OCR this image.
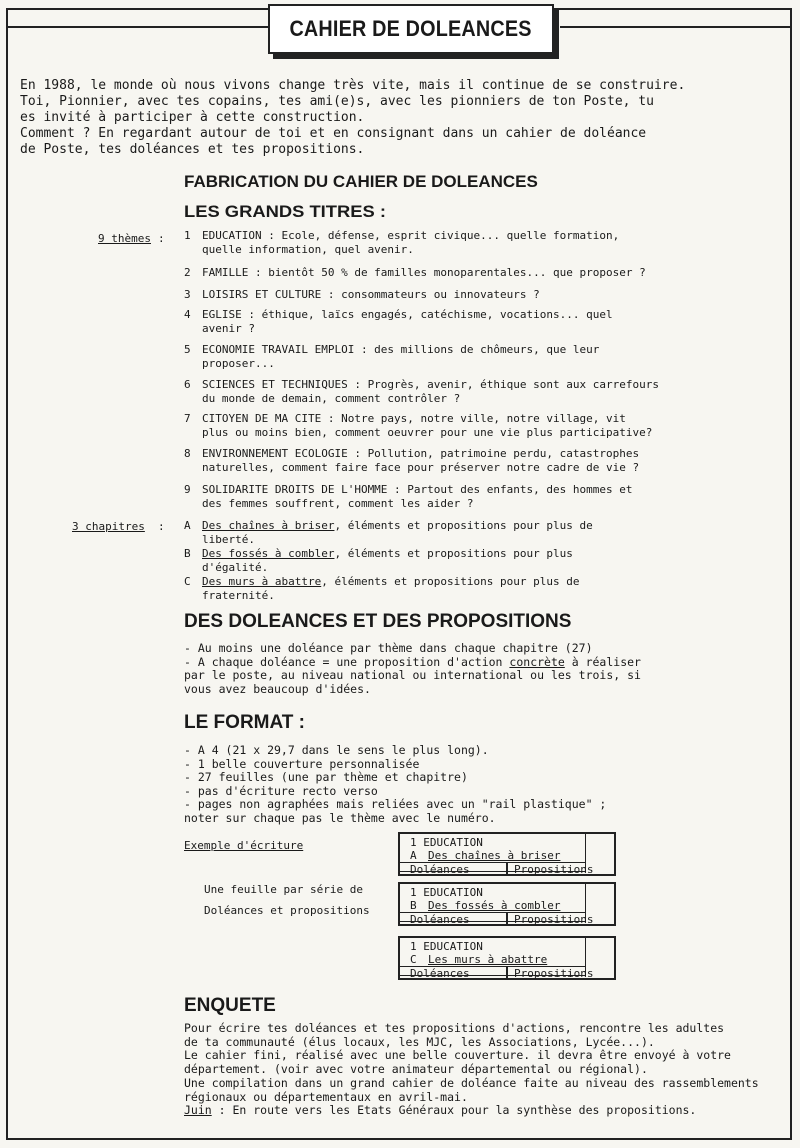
CAHIER DE DOLEANCES
En 1988, le monde où nous vivons change très vite, mais il continue de se construire.
Toi, Pionnier, avec tes copains, tes ami(e)s, avec les pionniers de ton Poste, tu
es invité à participer à cette construction.
Comment ? En regardant autour de toi et en consignant dans un cahier de doléance
de Poste, tes doléances et tes propositions.
FABRICATION DU CAHIER DE DOLEANCES
LES GRANDS TITRES :
9 thèmes : 1 EDUCATION : Ecole, défense, esprit civique... quelle formation,
quelle information, quel avenir.
2 FAMILLE : bientôt 50 % de familles monoparentales... que proposer ?
3 LOISIRS ET CULTURE : consommateurs ou innovateurs ?
4 EGLISE : éthique, laïcs engagés, catéchisme, vocations... quel
avenir ?
5 ECONOMIE TRAVAIL EMPLOI : des millions de chômeurs, que leur
proposer...
6 SCIENCES ET TECHNIQUES : Progrès, avenir, éthique sont aux carrefours
du monde de demain, comment contrôler ?
7 CITOYEN DE MA CITE : Notre pays, notre ville, notre village, vit
plus ou moins bien, comment oeuvrer pour une vie plus participative?
8 ENVIRONNEMENT ECOLOGIE : Pollution, patrimoine perdu, catastrophes
naturelles, comment faire face pour préserver notre cadre de vie ?
9 SOLIDARITE DROITS DE L'HOMME : Partout des enfants, des hommes et
des femmes souffrent, comment les aider ?
3 chapitres : A Des chaînes à briser, éléments et propositions pour plus de
liberté.
B Des fossés à combler, éléments et propositions pour plus
d'égalité.
C Des murs à abattre, éléments et propositions pour plus de
fraternité.
DES DOLEANCES ET DES PROPOSITIONS
- Au moins une doléance par thème dans chaque chapitre (27)
- A chaque doléance = une proposition d'action concrète à réaliser
par le poste, au niveau national ou international ou les trois, si
vous avez beaucoup d'idées.
LE FORMAT :
- A 4 (21 x 29,7 dans le sens le plus long).
- 1 belle couverture personnalisée
- 27 feuilles (une par thème et chapitre)
- pas d'écriture recto verso
- pages non agraphées mais reliées avec un "rail plastique" ;
noter sur chaque pas le thème avec le numéro.
Exemple d'écriture
Une feuille par série de
Doléances et propositions
1 EDUCATION
A Des chaînes à briser
Doléances	Propositions
1 EDUCATION
B Des fossés à combler
Doléances	Propositions
1 EDUCATION
C Les murs à abattre
Doléances	Propositions
ENQUETE
Pour écrire tes doléances et tes propositions d'actions, rencontre les adultes
de ta communauté (élus locaux, les MJC, les Associations, Lycée...).
Le cahier fini, réalisé avec une belle couverture. il devra être envoyé à votre
département. (voir avec votre animateur départemental ou régional).
Une compilation dans un grand cahier de doléance faite au niveau des rassemblements
régionaux ou départementaux en avril-mai.
Juin : En route vers les Etats Généraux pour la synthèse des propositions.
